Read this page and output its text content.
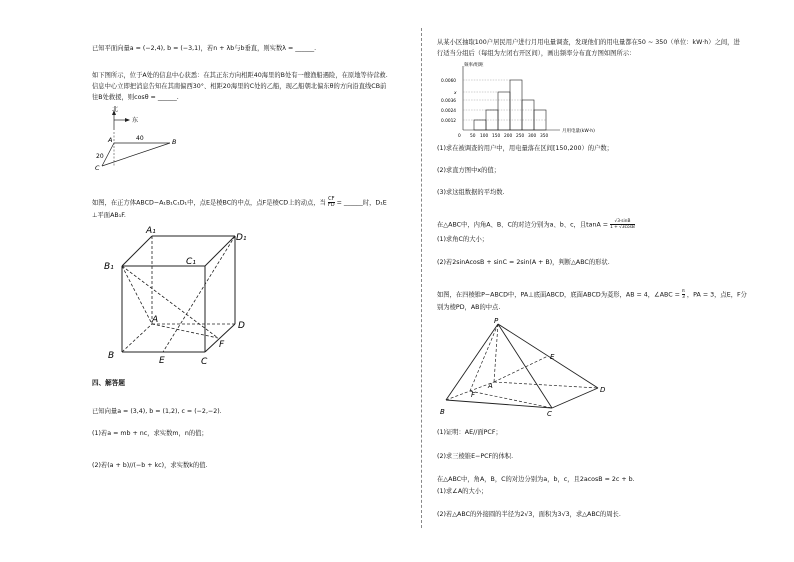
已知平面向量a = (−2,4), b = (−3,1)，若n + λb与b垂直，则实数λ = ______.
如下图所示，位于A处的信息中心获悉：在其正东方向相距40海里的B处有一艘渔船遇险，在原地等待营救.
信息中心立即把消息告知在其南偏西30°、相距20海里的C处的乙船，现乙船朝北偏东θ的方向沿直线CB前
往B处救援，则cosθ = ______.
北
东
A	B
C
40
20
如图，在正方体ABCD−A₁B₁C₁D₁中，点E是棱BC的中点，点F是棱CD上的动点，当 $\frac{CF}{FD}$ = ______时，D₁E
⊥平面AB₁F.
A₁
D₁
B₁	C₁
A
D
B	E	C
F
四、解答题
已知向量a = (3,4), b = (1,2), c = (−2,−2).
(1)若a = mb + nc，求实数m，n的值；
(2)若(a + b)//(−b + kc)，求实数k的值.
从某小区抽取100户居民用户进行月用电量调查，发现他们的用电量都在50 ~ 350（单位：kW·h）之间，进
行适当分组后（每组为左闭右开区间），画出频率分布直方图如图所示：
频率/组距
月用电量(kW·h)
0.0060
x
0.0036
0.0024
0.0012
0 50 100 150 200 250 300 350
(1)求在被调查的用户中，用电量落在区间[150,200）的户数；
(2)求直方图中x的值；
(3)求这组数据的平均数.
在△ABC中，内角A、B、C的对边分别为a、b、c，且$\tan A = \frac{√3\cdot\sin B}{1 + √3\cos B}$
(1)求角C的大小；
(2)若2sinAcosB + sinC = 2sin(A + B)，判断△ABC的形状.
如图，在四棱锥P−ABCD中，PA⊥底面ABCD，底面ABCD为菱形，AB = 4，∠ABC = $\frac{\pi}{3}$ ，PA = 3，点E，F分
别为棱PD，AB的中点.
P
E
A
F
D
B	C
(1)证明：AE//面PCF；
(2)求三棱锥E−PCF的体积.
在△ABC中，角A，B，C的对边分别为a，b，c，且2acosB = 2c + b.
(1)求∠A的大小；
(2)若△ABC的外接圆的半径为2√3，面积为3√3，求△ABC的周长.
